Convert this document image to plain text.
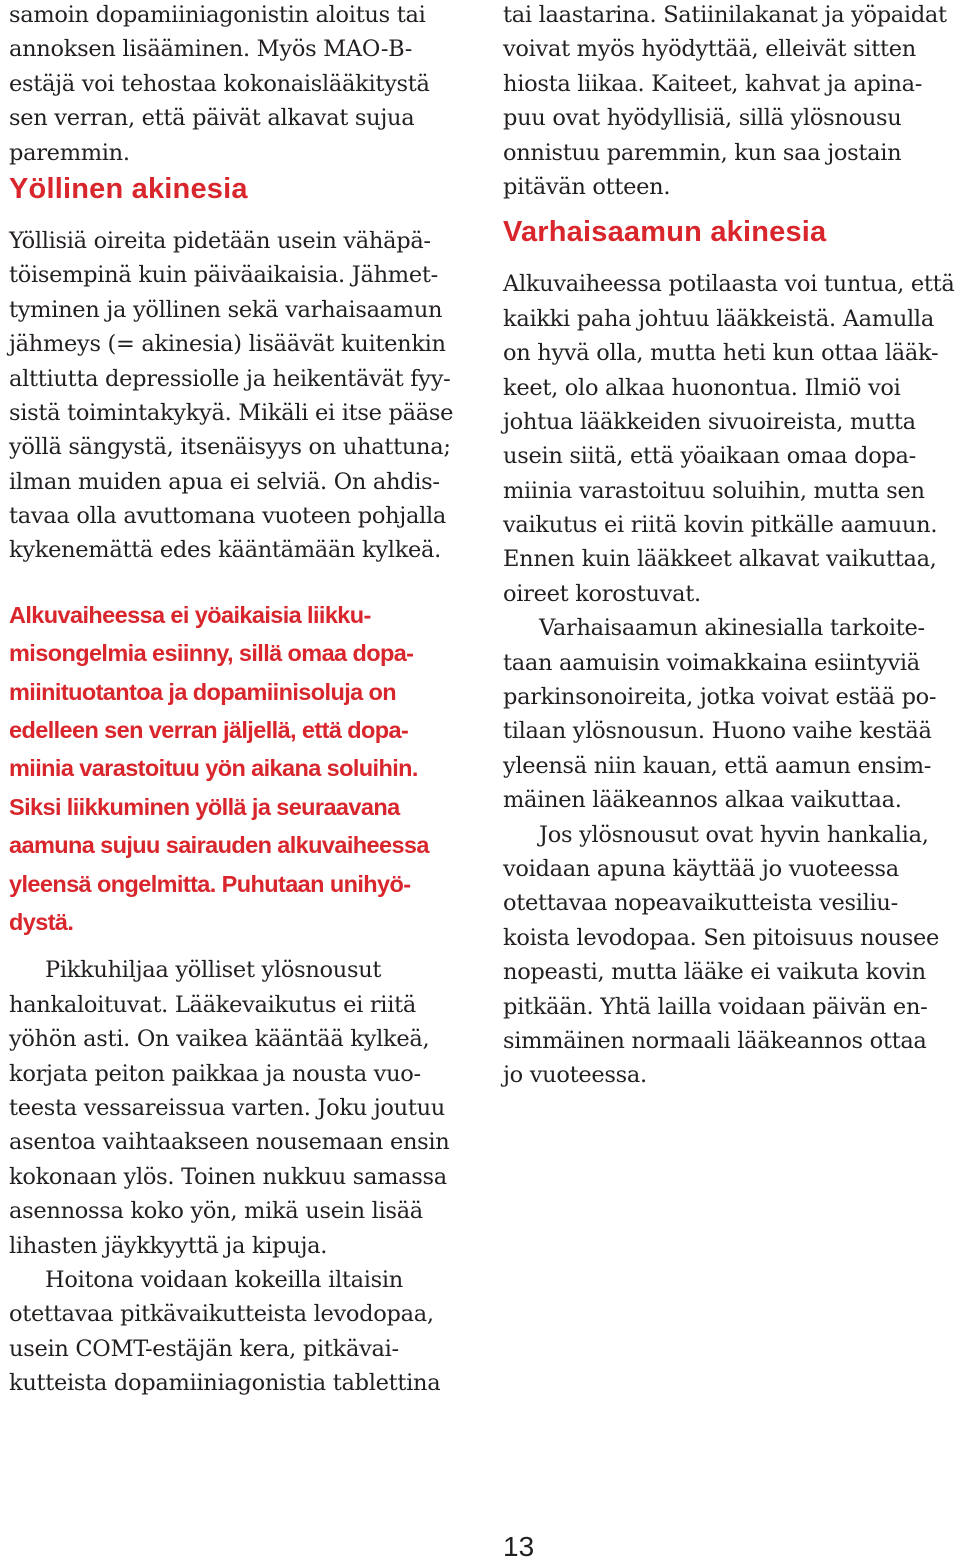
samoin dopamiiniagonistin aloitus tai
annoksen lisääminen. Myös MAO-B-
estäjä voi tehostaa kokonaislääkitystä
sen verran, että päivät alkavat sujua
paremmin.
Yöllinen akinesia
Yöllisiä oireita pidetään usein vähäpä-
töisempinä kuin päiväaikaisia. Jähmet-
tyminen ja yöllinen sekä varhaisaamun
jähmeys (= akinesia) lisäävät kuitenkin
alttiutta depressiolle ja heikentävät fyy-
sistä toimintakykyä. Mikäli ei itse pääse
yöllä sängystä, itsenäisyys on uhattuna;
ilman muiden apua ei selviä. On ahdis-
tavaa olla avuttomana vuoteen pohjalla
kykenemättä edes kääntämään kylkeä.
Alkuvaiheessa ei yöaikaisia liikku-
misongelmia esiinny, sillä omaa dopa-
miinituotantoa ja dopamiinisoluja on
edelleen sen verran jäljellä, että dopa-
miinia varastoituu yön aikana soluihin.
Siksi liikkuminen yöllä ja seuraavana
aamuna sujuu sairauden alkuvaiheessa
yleensä ongelmitta. Puhutaan unihyö-
dystä.
Pikkuhiljaa yölliset ylösnousut
hankaloituvat. Lääkevaikutus ei riitä
yöhön asti. On vaikea kääntää kylkeä,
korjata peiton paikkaa ja nousta vuo-
teesta vessareissua varten. Joku joutuu
asentoa vaihtaakseen nousemaan ensin
kokonaan ylös. Toinen nukkuu samassa
asennossa koko yön, mikä usein lisää
lihasten jäykkyyttä ja kipuja.
Hoitona voidaan kokeilla iltaisin
otettavaa pitkävaikutteista levodopaa,
usein COMT-estäjän kera, pitkävai-
kutteista dopamiiniagonistia tablettina
tai laastarina. Satiinilakanat ja yöpaidat
voivat myös hyödyttää, elleivät sitten
hiosta liikaa. Kaiteet, kahvat ja apina-
puu ovat hyödyllisiä, sillä ylösnousu
onnistuu paremmin, kun saa jostain
pitävän otteen.
Varhaisaamun akinesia
Alkuvaiheessa potilaasta voi tuntua, että
kaikki paha johtuu lääkkeistä. Aamulla
on hyvä olla, mutta heti kun ottaa lääk-
keet, olo alkaa huonontua. Ilmiö voi
johtua lääkkeiden sivuoireista, mutta
usein siitä, että yöaikaan omaa dopa-
miinia varastoituu soluihin, mutta sen
vaikutus ei riitä kovin pitkälle aamuun.
Ennen kuin lääkkeet alkavat vaikuttaa,
oireet korostuvat.
Varhaisaamun akinesialla tarkoite-
taan aamuisin voimakkaina esiintyviä
parkinsonoireita, jotka voivat estää po-
tilaan ylösnousun. Huono vaihe kestää
yleensä niin kauan, että aamun ensim-
mäinen lääkeannos alkaa vaikuttaa.
Jos ylösnousut ovat hyvin hankalia,
voidaan apuna käyttää jo vuoteessa
otettavaa nopeavaikutteista vesiliu-
koista levodopaa. Sen pitoisuus nousee
nopeasti, mutta lääke ei vaikuta kovin
pitkään. Yhtä lailla voidaan päivän en-
simmäinen normaali lääkeannos ottaa
jo vuoteessa.
13
